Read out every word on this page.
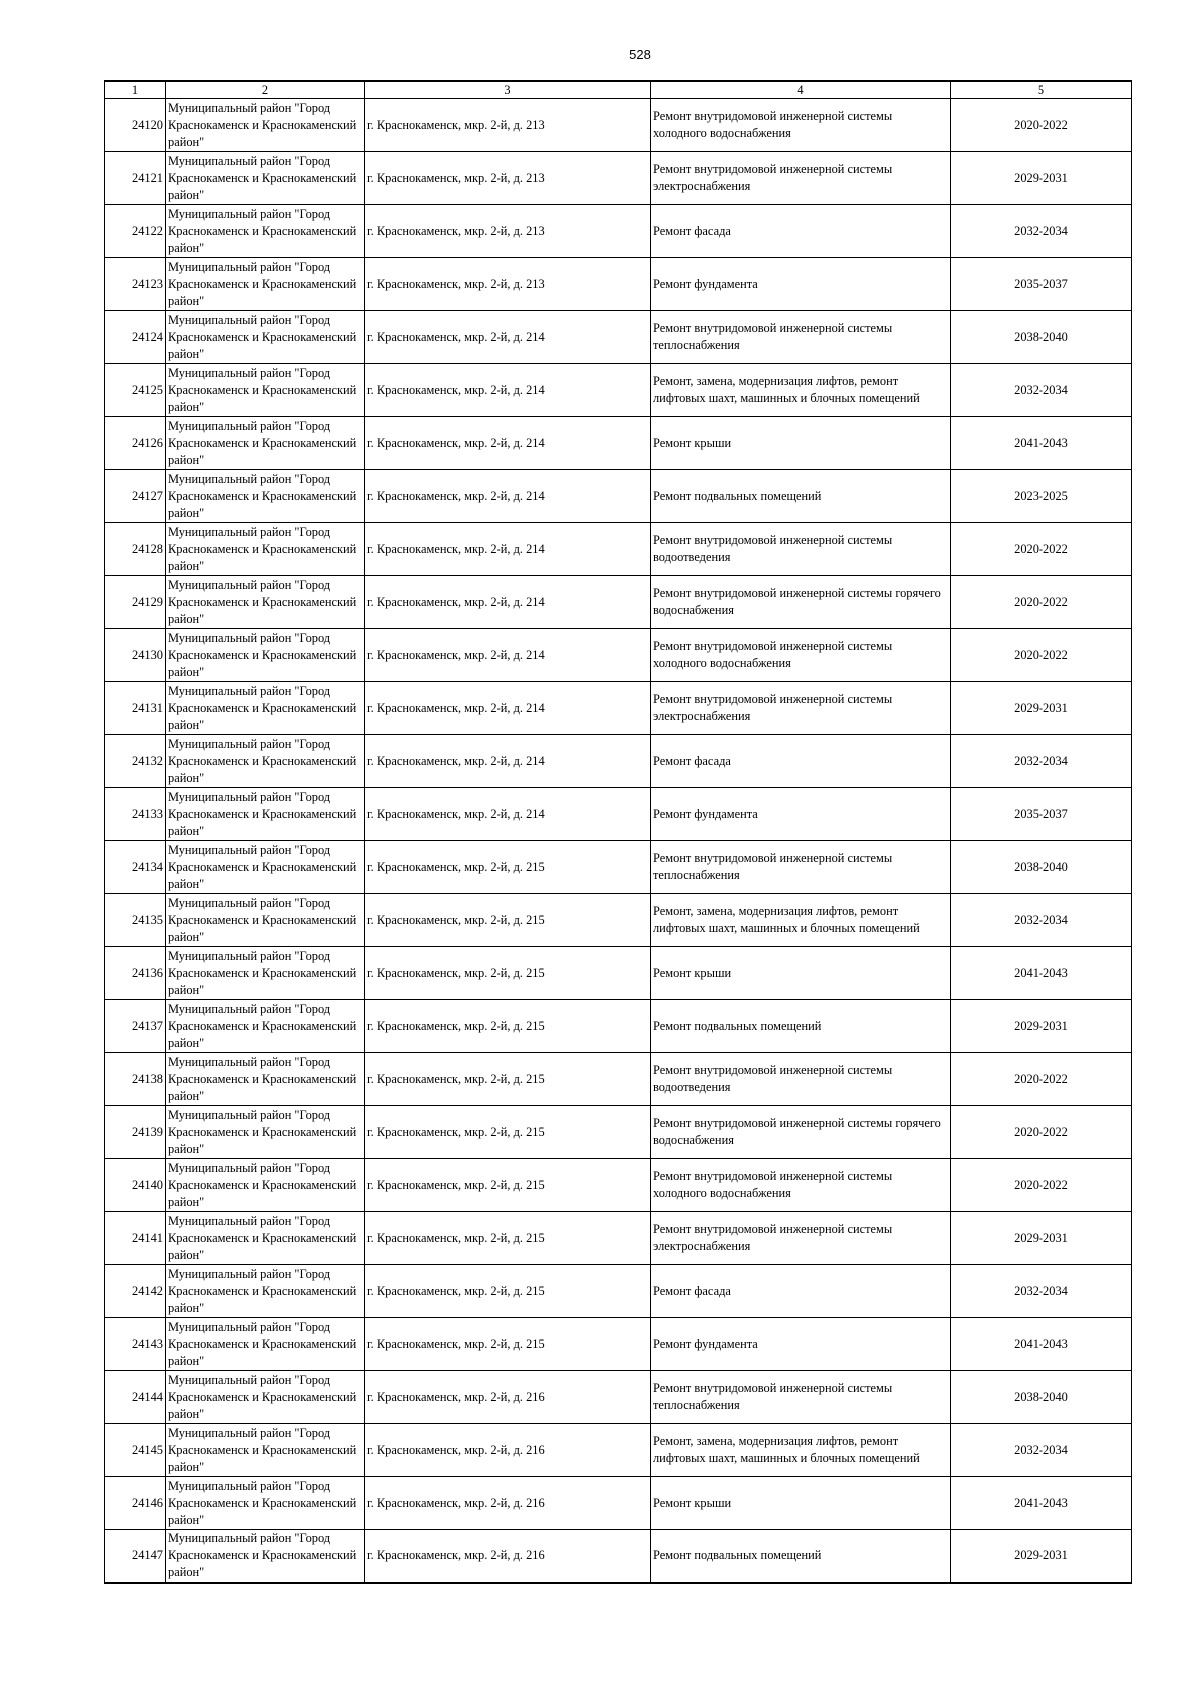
528
1	2	3	4	5
24120	Муниципальный район "Город Краснокаменск и Краснокаменский район"	г. Краснокаменск, мкр. 2-й, д. 213	Ремонт внутридомовой инженерной системы холодного водоснабжения	2020-2022
24121	Муниципальный район "Город Краснокаменск и Краснокаменский район"	г. Краснокаменск, мкр. 2-й, д. 213	Ремонт внутридомовой инженерной системы электроснабжения	2029-2031
24122	Муниципальный район "Город Краснокаменск и Краснокаменский район"	г. Краснокаменск, мкр. 2-й, д. 213	Ремонт фасада	2032-2034
24123	Муниципальный район "Город Краснокаменск и Краснокаменский район"	г. Краснокаменск, мкр. 2-й, д. 213	Ремонт фундамента	2035-2037
24124	Муниципальный район "Город Краснокаменск и Краснокаменский район"	г. Краснокаменск, мкр. 2-й, д. 214	Ремонт внутридомовой инженерной системы теплоснабжения	2038-2040
24125	Муниципальный район "Город Краснокаменск и Краснокаменский район"	г. Краснокаменск, мкр. 2-й, д. 214	Ремонт, замена, модернизация лифтов, ремонт лифтовых шахт, машинных и блочных помещений	2032-2034
24126	Муниципальный район "Город Краснокаменск и Краснокаменский район"	г. Краснокаменск, мкр. 2-й, д. 214	Ремонт крыши	2041-2043
24127	Муниципальный район "Город Краснокаменск и Краснокаменский район"	г. Краснокаменск, мкр. 2-й, д. 214	Ремонт подвальных помещений	2023-2025
24128	Муниципальный район "Город Краснокаменск и Краснокаменский район"	г. Краснокаменск, мкр. 2-й, д. 214	Ремонт внутридомовой инженерной системы водоотведения	2020-2022
24129	Муниципальный район "Город Краснокаменск и Краснокаменский район"	г. Краснокаменск, мкр. 2-й, д. 214	Ремонт внутридомовой инженерной системы горячего водоснабжения	2020-2022
24130	Муниципальный район "Город Краснокаменск и Краснокаменский район"	г. Краснокаменск, мкр. 2-й, д. 214	Ремонт внутридомовой инженерной системы холодного водоснабжения	2020-2022
24131	Муниципальный район "Город Краснокаменск и Краснокаменский район"	г. Краснокаменск, мкр. 2-й, д. 214	Ремонт внутридомовой инженерной системы электроснабжения	2029-2031
24132	Муниципальный район "Город Краснокаменск и Краснокаменский район"	г. Краснокаменск, мкр. 2-й, д. 214	Ремонт фасада	2032-2034
24133	Муниципальный район "Город Краснокаменск и Краснокаменский район"	г. Краснокаменск, мкр. 2-й, д. 214	Ремонт фундамента	2035-2037
24134	Муниципальный район "Город Краснокаменск и Краснокаменский район"	г. Краснокаменск, мкр. 2-й, д. 215	Ремонт внутридомовой инженерной системы теплоснабжения	2038-2040
24135	Муниципальный район "Город Краснокаменск и Краснокаменский район"	г. Краснокаменск, мкр. 2-й, д. 215	Ремонт, замена, модернизация лифтов, ремонт лифтовых шахт, машинных и блочных помещений	2032-2034
24136	Муниципальный район "Город Краснокаменск и Краснокаменский район"	г. Краснокаменск, мкр. 2-й, д. 215	Ремонт крыши	2041-2043
24137	Муниципальный район "Город Краснокаменск и Краснокаменский район"	г. Краснокаменск, мкр. 2-й, д. 215	Ремонт подвальных помещений	2029-2031
24138	Муниципальный район "Город Краснокаменск и Краснокаменский район"	г. Краснокаменск, мкр. 2-й, д. 215	Ремонт внутридомовой инженерной системы водоотведения	2020-2022
24139	Муниципальный район "Город Краснокаменск и Краснокаменский район"	г. Краснокаменск, мкр. 2-й, д. 215	Ремонт внутридомовой инженерной системы горячего водоснабжения	2020-2022
24140	Муниципальный район "Город Краснокаменск и Краснокаменский район"	г. Краснокаменск, мкр. 2-й, д. 215	Ремонт внутридомовой инженерной системы холодного водоснабжения	2020-2022
24141	Муниципальный район "Город Краснокаменск и Краснокаменский район"	г. Краснокаменск, мкр. 2-й, д. 215	Ремонт внутридомовой инженерной системы электроснабжения	2029-2031
24142	Муниципальный район "Город Краснокаменск и Краснокаменский район"	г. Краснокаменск, мкр. 2-й, д. 215	Ремонт фасада	2032-2034
24143	Муниципальный район "Город Краснокаменск и Краснокаменский район"	г. Краснокаменск, мкр. 2-й, д. 215	Ремонт фундамента	2041-2043
24144	Муниципальный район "Город Краснокаменск и Краснокаменский район"	г. Краснокаменск, мкр. 2-й, д. 216	Ремонт внутридомовой инженерной системы теплоснабжения	2038-2040
24145	Муниципальный район "Город Краснокаменск и Краснокаменский район"	г. Краснокаменск, мкр. 2-й, д. 216	Ремонт, замена, модернизация лифтов, ремонт лифтовых шахт, машинных и блочных помещений	2032-2034
24146	Муниципальный район "Город Краснокаменск и Краснокаменский район"	г. Краснокаменск, мкр. 2-й, д. 216	Ремонт крыши	2041-2043
24147	Муниципальный район "Город Краснокаменск и Краснокаменский район"	г. Краснокаменск, мкр. 2-й, д. 216	Ремонт подвальных помещений	2029-2031
